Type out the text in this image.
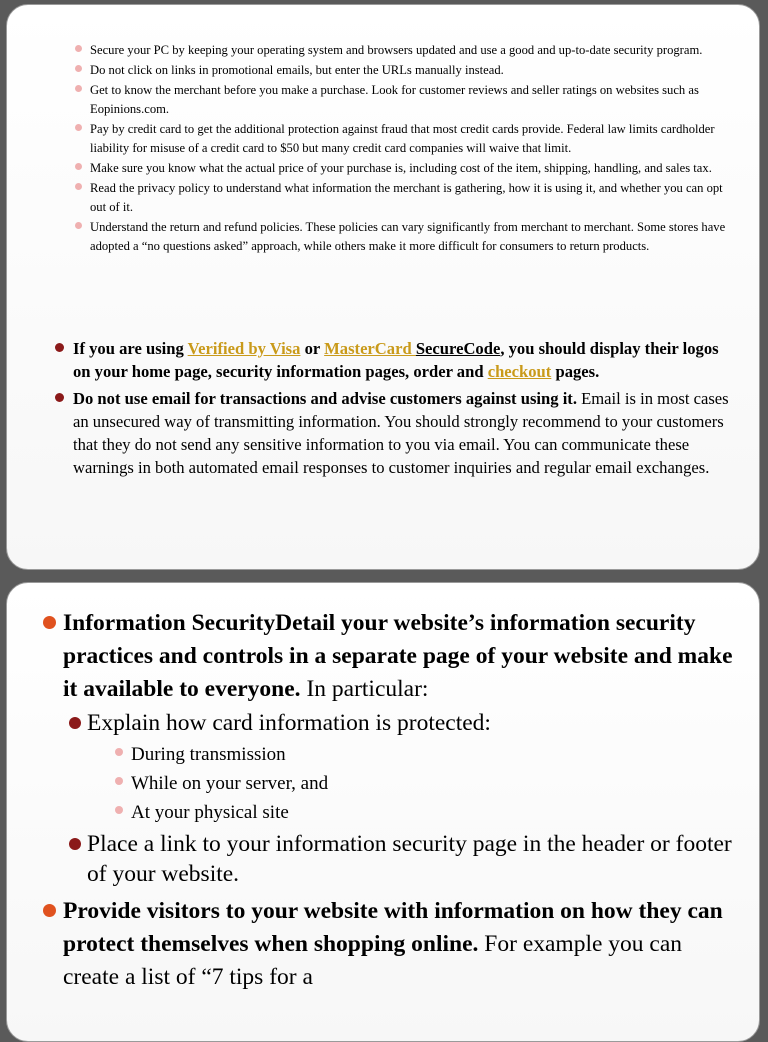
Secure your PC by keeping your operating system and browsers updated and use a good and up-to-date security program.
Do not click on links in promotional emails, but enter the URLs manually instead.
Get to know the merchant before you make a purchase. Look for customer reviews and seller ratings on websites such as Eopinions.com.
Pay by credit card to get the additional protection against fraud that most credit cards provide. Federal law limits cardholder liability for misuse of a credit card to $50 but many credit card companies will waive that limit.
Make sure you know what the actual price of your purchase is, including cost of the item, shipping, handling, and sales tax.
Read the privacy policy to understand what information the merchant is gathering, how it is using it, and whether you can opt out of it.
Understand the return and refund policies. These policies can vary significantly from merchant to merchant. Some stores have adopted a “no questions asked” approach, while others make it more difficult for consumers to return products.
If you are using Verified by Visa or MasterCard SecureCode, you should display their logos on your home page, security information pages, order and checkout pages.
Do not use email for transactions and advise customers against using it. Email is in most cases an unsecured way of transmitting information. You should strongly recommend to your customers that they do not send any sensitive information to you via email. You can communicate these warnings in both automated email responses to customer inquiries and regular email exchanges.
Information SecurityDetail your website’s information security practices and controls in a separate page of your website and make it available to everyone. In particular:
Explain how card information is protected:
During transmission
While on your server, and
At your physical site
Place a link to your information security page in the header or footer of your website.
Provide visitors to your website with information on how they can protect themselves when shopping online. For example you can create a list of “7 tips for a
